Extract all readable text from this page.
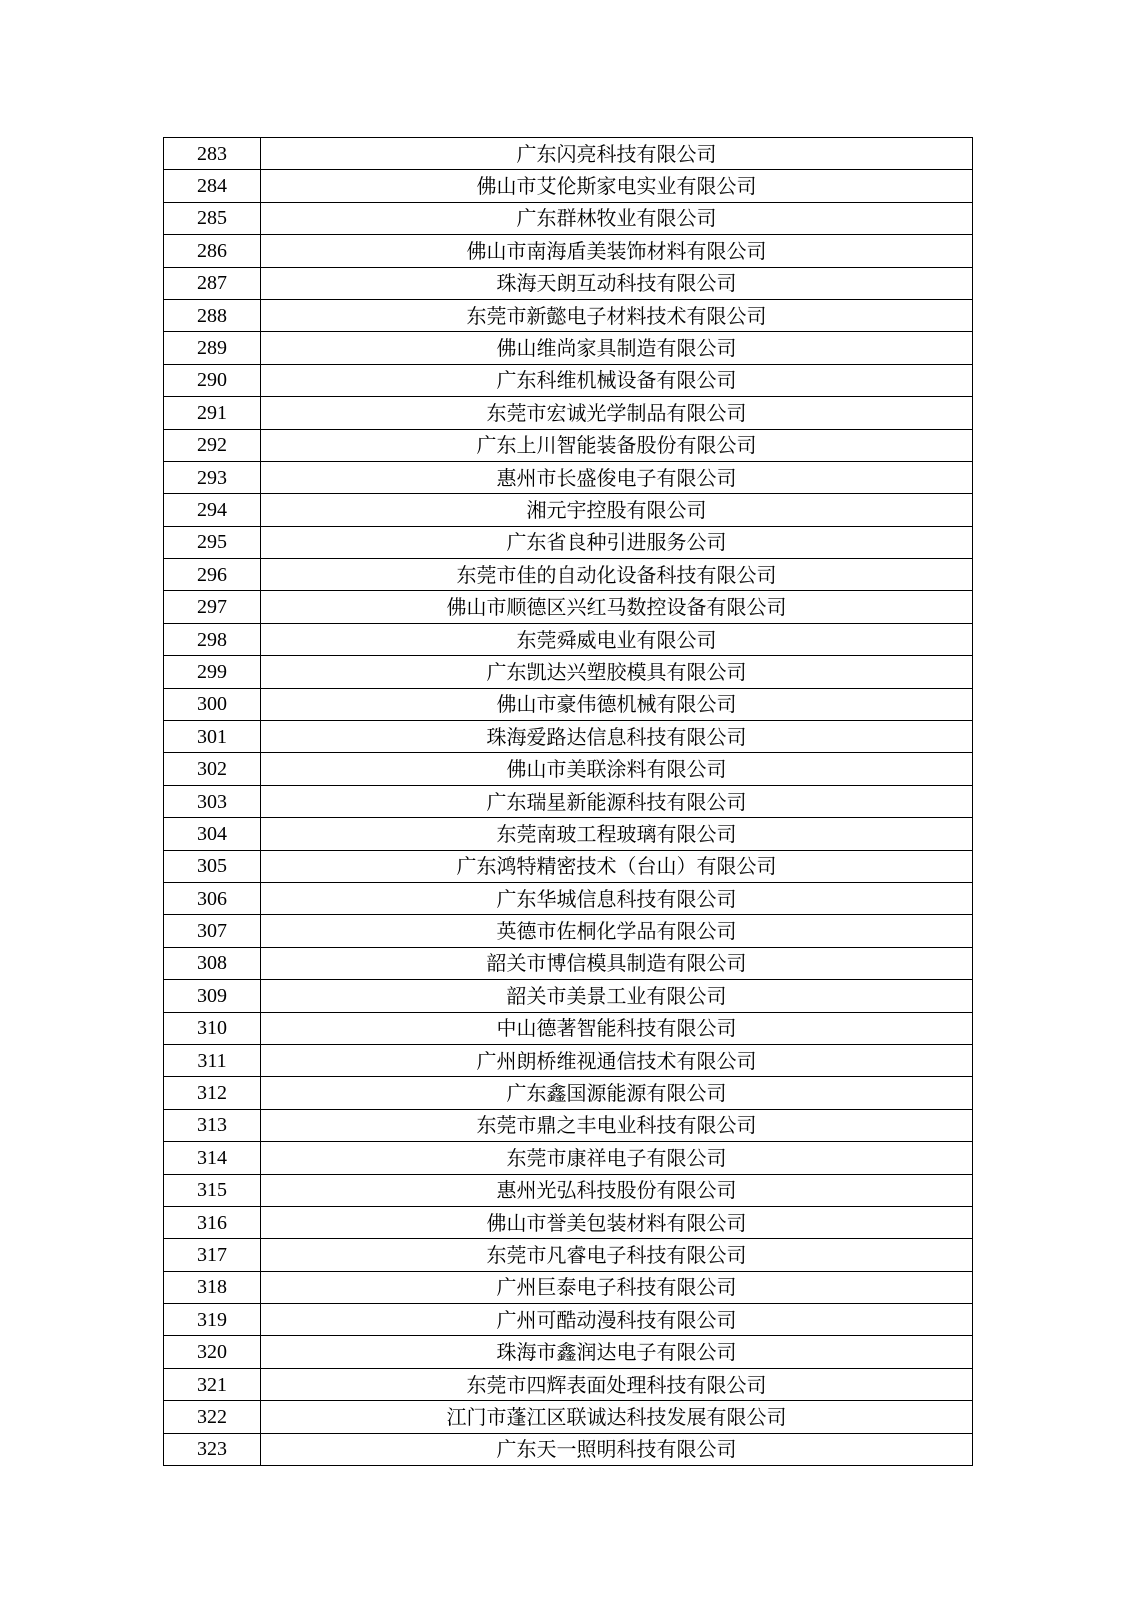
283	广东闪亮科技有限公司
284	佛山市艾伦斯家电实业有限公司
285	广东群林牧业有限公司
286	佛山市南海盾美装饰材料有限公司
287	珠海天朗互动科技有限公司
288	东莞市新懿电子材料技术有限公司
289	佛山维尚家具制造有限公司
290	广东科维机械设备有限公司
291	东莞市宏诚光学制品有限公司
292	广东上川智能装备股份有限公司
293	惠州市长盛俊电子有限公司
294	湘元宇控股有限公司
295	广东省良种引进服务公司
296	东莞市佳的自动化设备科技有限公司
297	佛山市顺德区兴红马数控设备有限公司
298	东莞舜威电业有限公司
299	广东凯达兴塑胶模具有限公司
300	佛山市豪伟德机械有限公司
301	珠海爱路达信息科技有限公司
302	佛山市美联涂料有限公司
303	广东瑞星新能源科技有限公司
304	东莞南玻工程玻璃有限公司
305	广东鸿特精密技术（台山）有限公司
306	广东华城信息科技有限公司
307	英德市佐桐化学品有限公司
308	韶关市博信模具制造有限公司
309	韶关市美景工业有限公司
310	中山德著智能科技有限公司
311	广州朗桥维视通信技术有限公司
312	广东鑫国源能源有限公司
313	东莞市鼎之丰电业科技有限公司
314	东莞市康祥电子有限公司
315	惠州光弘科技股份有限公司
316	佛山市誉美包装材料有限公司
317	东莞市凡睿电子科技有限公司
318	广州巨泰电子科技有限公司
319	广州可酷动漫科技有限公司
320	珠海市鑫润达电子有限公司
321	东莞市四辉表面处理科技有限公司
322	江门市蓬江区联诚达科技发展有限公司
323	广东天一照明科技有限公司
